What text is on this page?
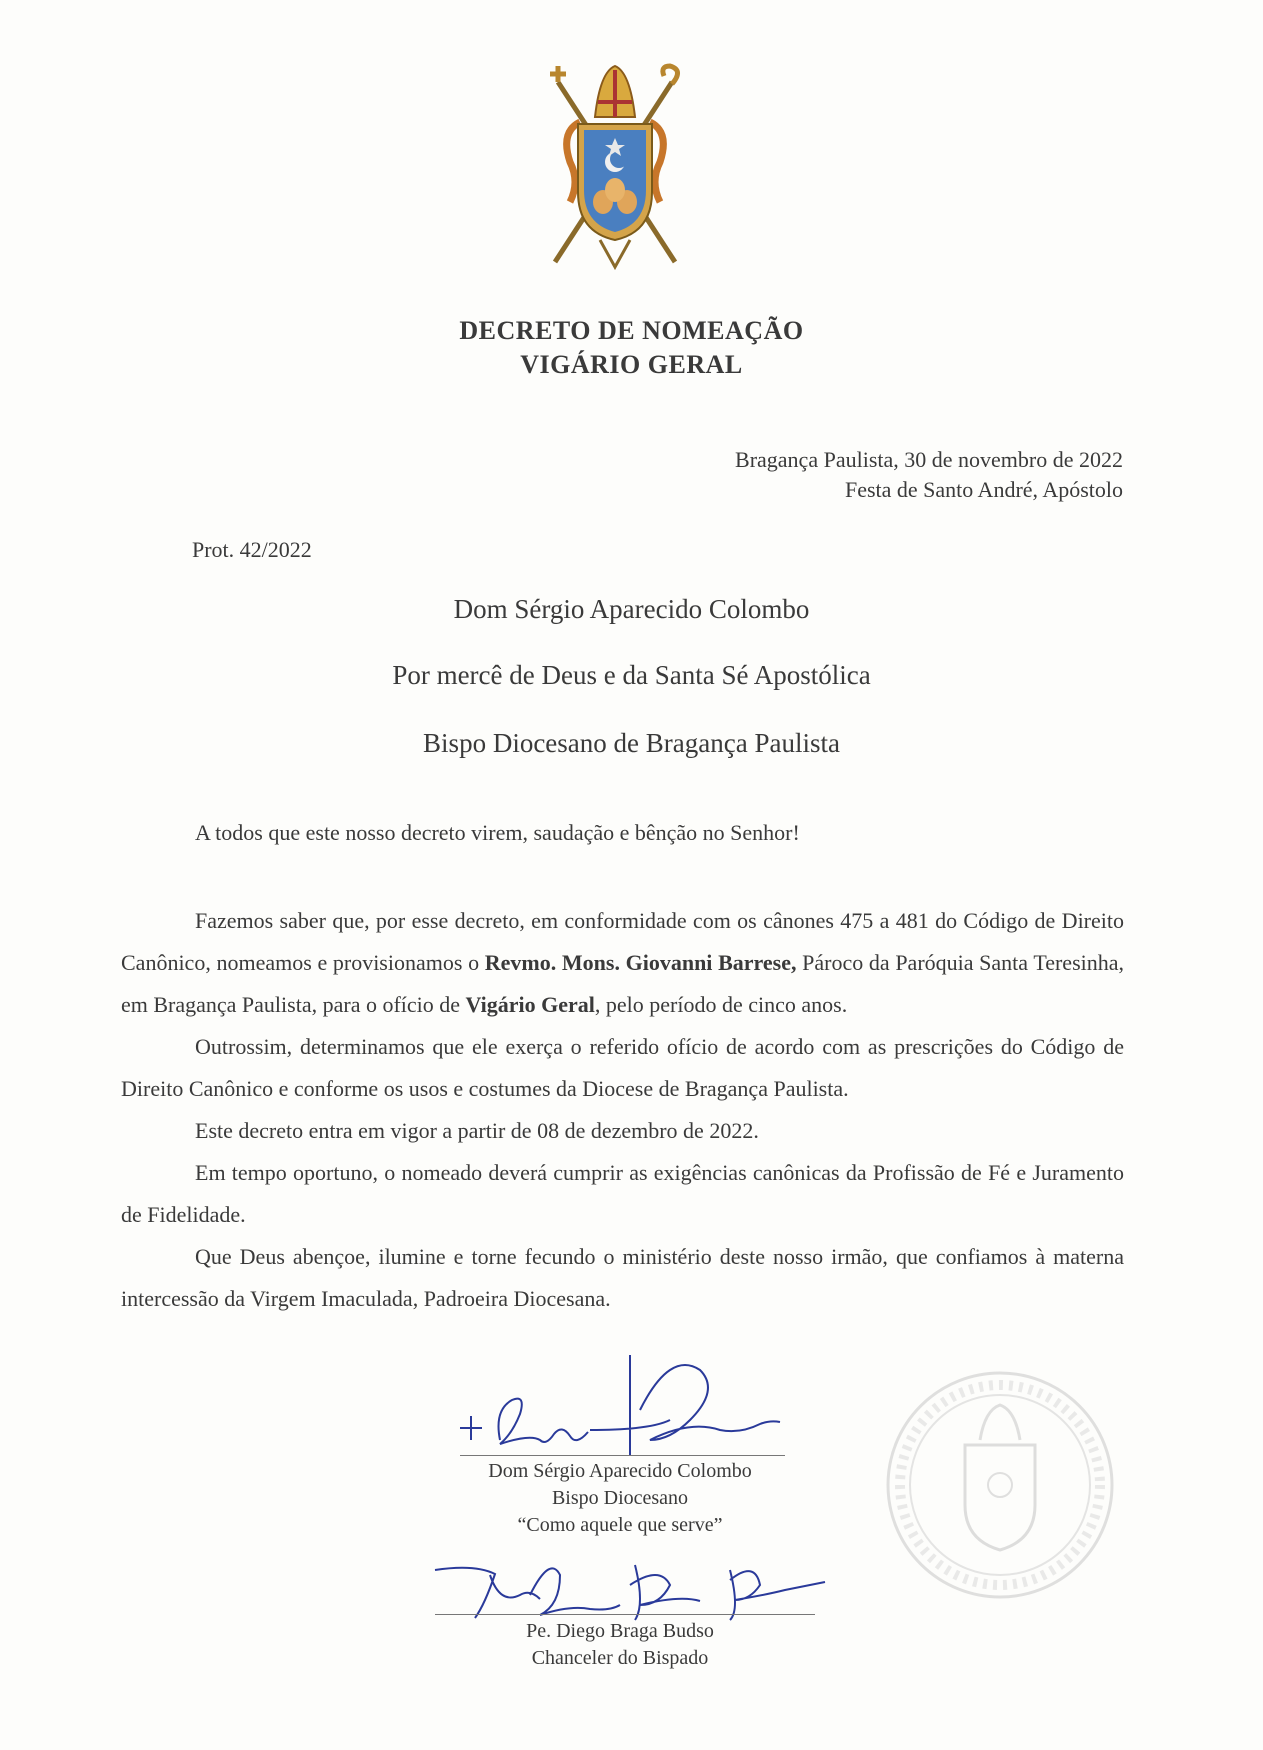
DECRETO DE NOMEAÇÃO
VIGÁRIO GERAL
Bragança Paulista, 30 de novembro de 2022
Festa de Santo André, Apóstolo
Prot. 42/2022
Dom Sérgio Aparecido Colombo
Por mercê de Deus e da Santa Sé Apostólica
Bispo Diocesano de Bragança Paulista
A todos que este nosso decreto virem, saudação e bênção no Senhor!

Fazemos saber que, por esse decreto, em conformidade com os cânones 475 a 481 do Código de Direito Canônico, nomeamos e provisionamos o Revmo. Mons. Giovanni Barrese, Pároco da Paróquia Santa Teresinha, em Bragança Paulista, para o ofício de Vigário Geral, pelo período de cinco anos.

Outrossim, determinamos que ele exerça o referido ofício de acordo com as prescrições do Código de Direito Canônico e conforme os usos e costumes da Diocese de Bragança Paulista.

Este decreto entra em vigor a partir de 08 de dezembro de 2022.

Em tempo oportuno, o nomeado deverá cumprir as exigências canônicas da Profissão de Fé e Juramento de Fidelidade.

Que Deus abençoe, ilumine e torne fecundo o ministério deste nosso irmão, que confiamos à materna intercessão da Virgem Imaculada, Padroeira Diocesana.

Dom Sérgio Aparecido Colombo
Bispo Diocesano
“Como aquele que serve”
Pe. Diego Braga Budso
Chanceler do Bispado
